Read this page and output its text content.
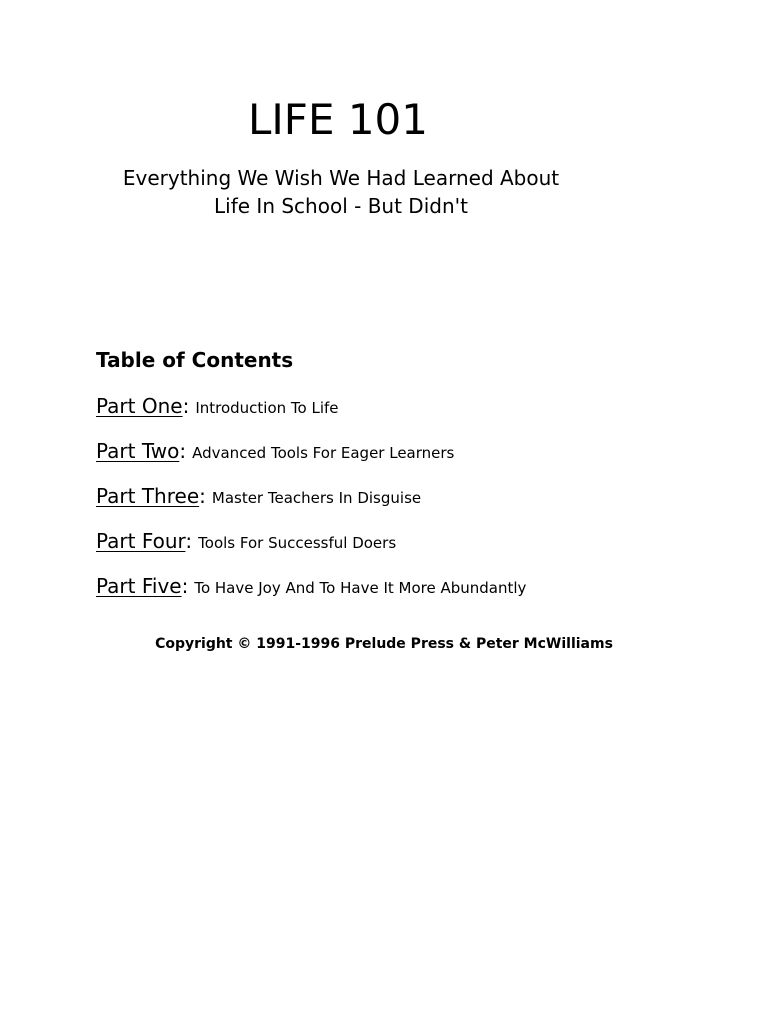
LIFE 101
Everything We Wish We Had Learned About
Life In School - But Didn't
Table of Contents
Part One: Introduction To Life
Part Two: Advanced Tools For Eager Learners
Part Three: Master Teachers In Disguise
Part Four: Tools For Successful Doers
Part Five: To Have Joy And To Have It More Abundantly

Copyright © 1991-1996 Prelude Press & Peter McWilliams
